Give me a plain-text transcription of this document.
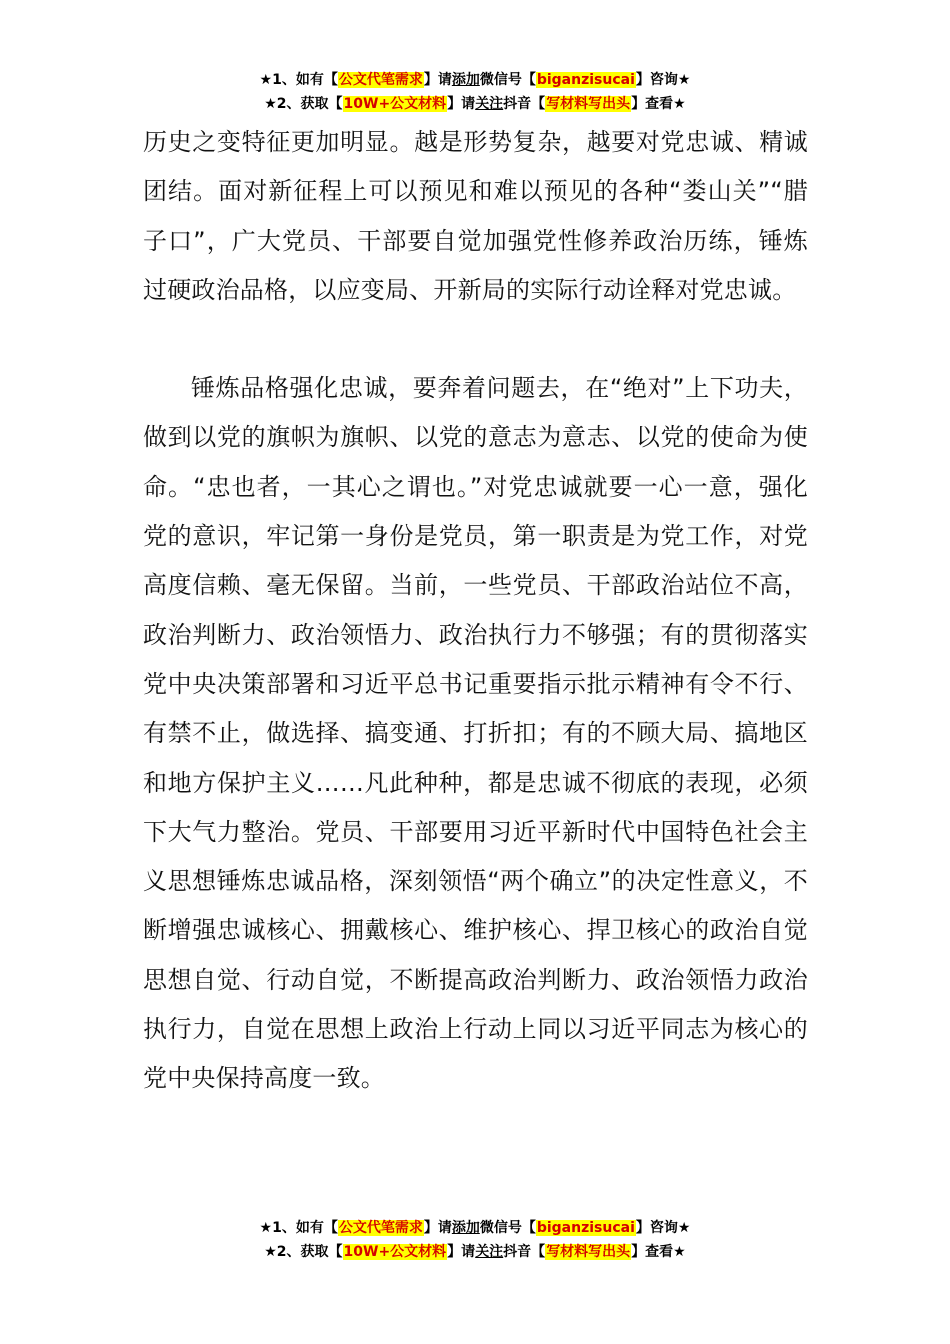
★1、如有【公文代笔需求】请添加微信号【biganzisucai】咨询★
★2、获取【10W+公文材料】请关注抖音【写材料写出头】查看★

历史之变特征更加明显。越是形势复杂，越要对党忠诚、精诚团结。面对新征程上可以预见和难以预见的各种“娄山关”“腊子口”，广大党员、干部要自觉加强党性修养政治历练，锤炼过硬政治品格，以应变局、开新局的实际行动诠释对党忠诚。

锤炼品格强化忠诚，要奔着问题去，在“绝对”上下功夫，做到以党的旗帜为旗帜、以党的意志为意志、以党的使命为使命。“忠也者，一其心之谓也。”对党忠诚就要一心一意，强化党的意识，牢记第一身份是党员，第一职责是为党工作，对党高度信赖、毫无保留。当前，一些党员、干部政治站位不高，政治判断力、政治领悟力、政治执行力不够强；有的贯彻落实党中央决策部署和习近平总书记重要指示批示精神有令不行、有禁不止，做选择、搞变通、打折扣；有的不顾大局、搞地区和地方保护主义……凡此种种，都是忠诚不彻底的表现，必须下大气力整治。党员、干部要用习近平新时代中国特色社会主义思想锤炼忠诚品格，深刻领悟“两个确立”的决定性意义，不断增强忠诚核心、拥戴核心、维护核心、捍卫核心的政治自觉思想自觉、行动自觉，不断提高政治判断力、政治领悟力政治执行力，自觉在思想上政治上行动上同以习近平同志为核心的党中央保持高度一致。

★1、如有【公文代笔需求】请添加微信号【biganzisucai】咨询★
★2、获取【10W+公文材料】请关注抖音【写材料写出头】查看★
